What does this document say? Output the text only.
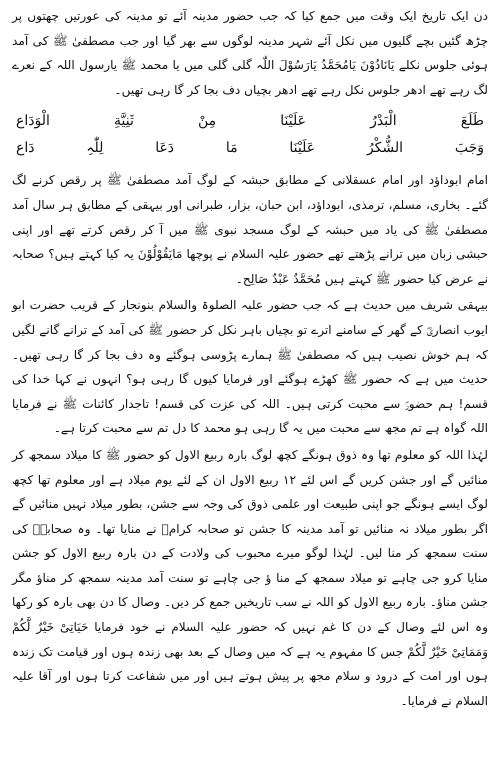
دن ایک تاریخ ایک وقت میں جمع کیا کہ جب حضور مدینہ آئے تو مدینہ کی عورتیں چھتوں پر چڑھ گئیں بچے گلیوں میں نکل آئے شہر مدینہ لوگوں سے بھر گیا اور جب مصطفیٰ ﷺ کی آمد ہوئی جلوس نکلے یَانَادُوْنَ یَامُحَمَّدُ یَارَسُوْلَ اللّٰہ گلی گلی میں یا محمد ﷺ یارسول اللہ کے نعرے لگ رہے تھے ادھر جلوس نکل رہے تھے ادھر بچیاں دف بجا کر گا رہی تھیں۔

طَلَعَ الْبَدْرُ عَلَیْنَا مِنْ ثَنِیَّةِ الْوَدَاع
وَجَبَ الشُّکْرُ عَلَیْنَا مَا دَعَا لِلّٰہِ دَاع

امام ابوداؤد اور امام عسقلانی کے مطابق حبشہ کے لوگ آمد مصطفیٰ ﷺ پر رقص کرنے لگ گئے۔ بخاری، مسلم، ترمذی، ابوداؤد، ابن حبان، بزار، طبرانی اور بیہقی کے مطابق ہر سال آمد مصطفیٰ ﷺ کی یاد میں حبشہ کے لوگ مسجد نبوی ﷺ میں آ کر رقص کرتے تھے اور اپنی حبشی زبان میں ترانے پڑھتے تھے حضور علیہ السلام نے پوچھا مَایَقُوْلُوْنَ یہ کیا کہتے ہیں؟ صحابہ نے عرض کیا حضور ﷺ کہتے ہیں مُحَمَّدٌ عَبْدٌ صَالِح۔

بیہقی شریف میں حدیث ہے کہ جب حضور علیہ الصلوۃ والسلام بنونجار کے قریب حضرت ابو ایوب انصاریؓ کے گھر کے سامنے اترے تو بچیاں باہر نکل کر حضور ﷺ کی آمد کے ترانے گانے لگیں کہ ہم خوش نصیب ہیں کہ مصطفیٰ ﷺ ہمارے پڑوسی ہوگئے وہ دف بجا کر گا رہی تھیں۔ حدیث میں ہے کہ حضور ﷺ کھڑے ہوگئے اور فرمایا کیوں گا رہی ہو؟ انہوں نے کہا خدا کی قسم! ہم حضورؐ سے محبت کرتی ہیں۔ اللہ کی عزت کی قسم! تاجدار کائنات ﷺ نے فرمایا اللہ گواہ ہے تم مجھ سے محبت میں یہ گا رہی ہو محمد کا دل تم سے محبت کرتا ہے۔

لہٰذا اللہ کو معلوم تھا وہ ذوق ہونگے کچھ لوگ بارہ ربیع الاول کو حضور ﷺ کا میلاد سمجھ کر منائیں گے اور جشن کریں گے اس لئے ۱۲ ربیع الاول ان کے لئے یوم میلاد ہے اور معلوم تھا کچھ لوگ ایسے ہونگے جو اپنی طبیعت اور علمی ذوق کی وجہ سے جشن، بطور میلاد نہیں منائیں گے اگر بطور میلاد نہ منائیں تو آمد مدینہ کا جشن تو صحابہ کرامؓ نے منایا تھا۔ وہ صحابہؓ کی سنت سمجھ کر منا لیں۔ لہٰذا لوگو میرے محبوب کی ولادت کے دن بارہ ربیع الاول کو جشن منایا کرو جی چاہے تو میلاد سمجھ کے منا ؤ جی چاہے تو سنت آمد مدینہ سمجھ کر مناؤ مگر جشن مناؤ۔ بارہ ربیع الاول کو اللہ نے سب تاریخیں جمع کر دیں۔ وصال کا دن بھی بارہ کو رکھا وہ اس لئے وصال کے دن کا غم نہیں کہ حضور علیہ السلام نے خود فرمایا حَیَاتِیْ خَیْرٌ لَّکُمْ وَمَمَاتِیْ خَیْرٌ لَّکُمْ جس کا مفہوم یہ ہے کہ میں وصال کے بعد بھی زندہ ہوں اور قیامت تک زندہ ہوں اور امت کے درود و سلام مجھ پر پیش ہوتے ہیں اور میں شفاعت کرتا ہوں اور آقا علیہ السلام نے فرمایا۔
